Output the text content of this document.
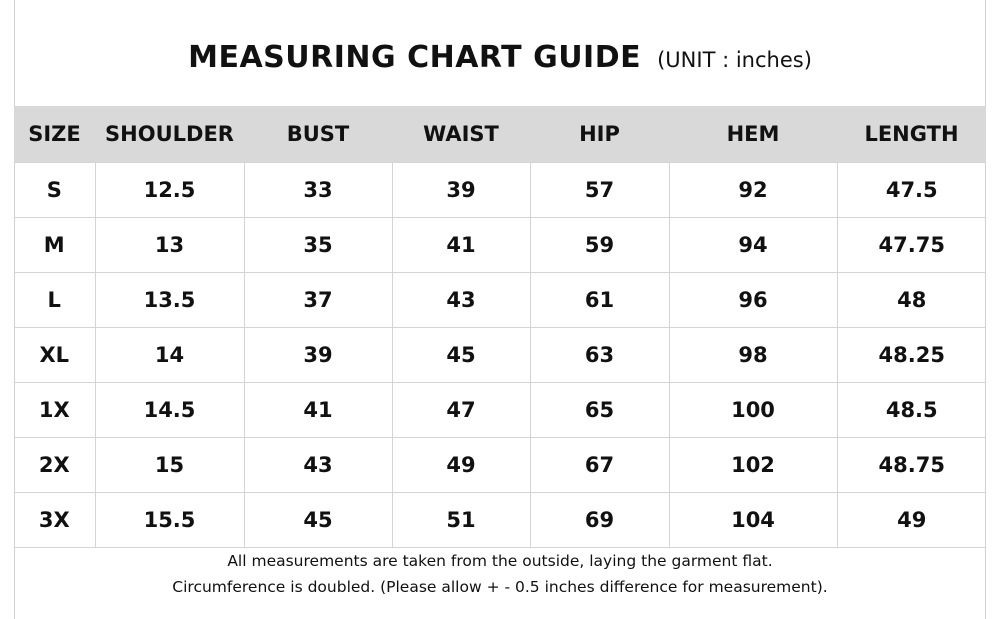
MEASURING CHART GUIDE (UNIT : inches)
SIZE	SHOULDER	BUST	WAIST	HIP	HEM	LENGTH
S	12.5	33	39	57	92	47.5
M	13	35	41	59	94	47.75
L	13.5	37	43	61	96	48
XL	14	39	45	63	98	48.25
1X	14.5	41	47	65	100	48.5
2X	15	43	49	67	102	48.75
3X	15.5	45	51	69	104	49
All measurements are taken from the outside, laying the garment flat.
Circumference is doubled. (Please allow + - 0.5 inches difference for measurement).
